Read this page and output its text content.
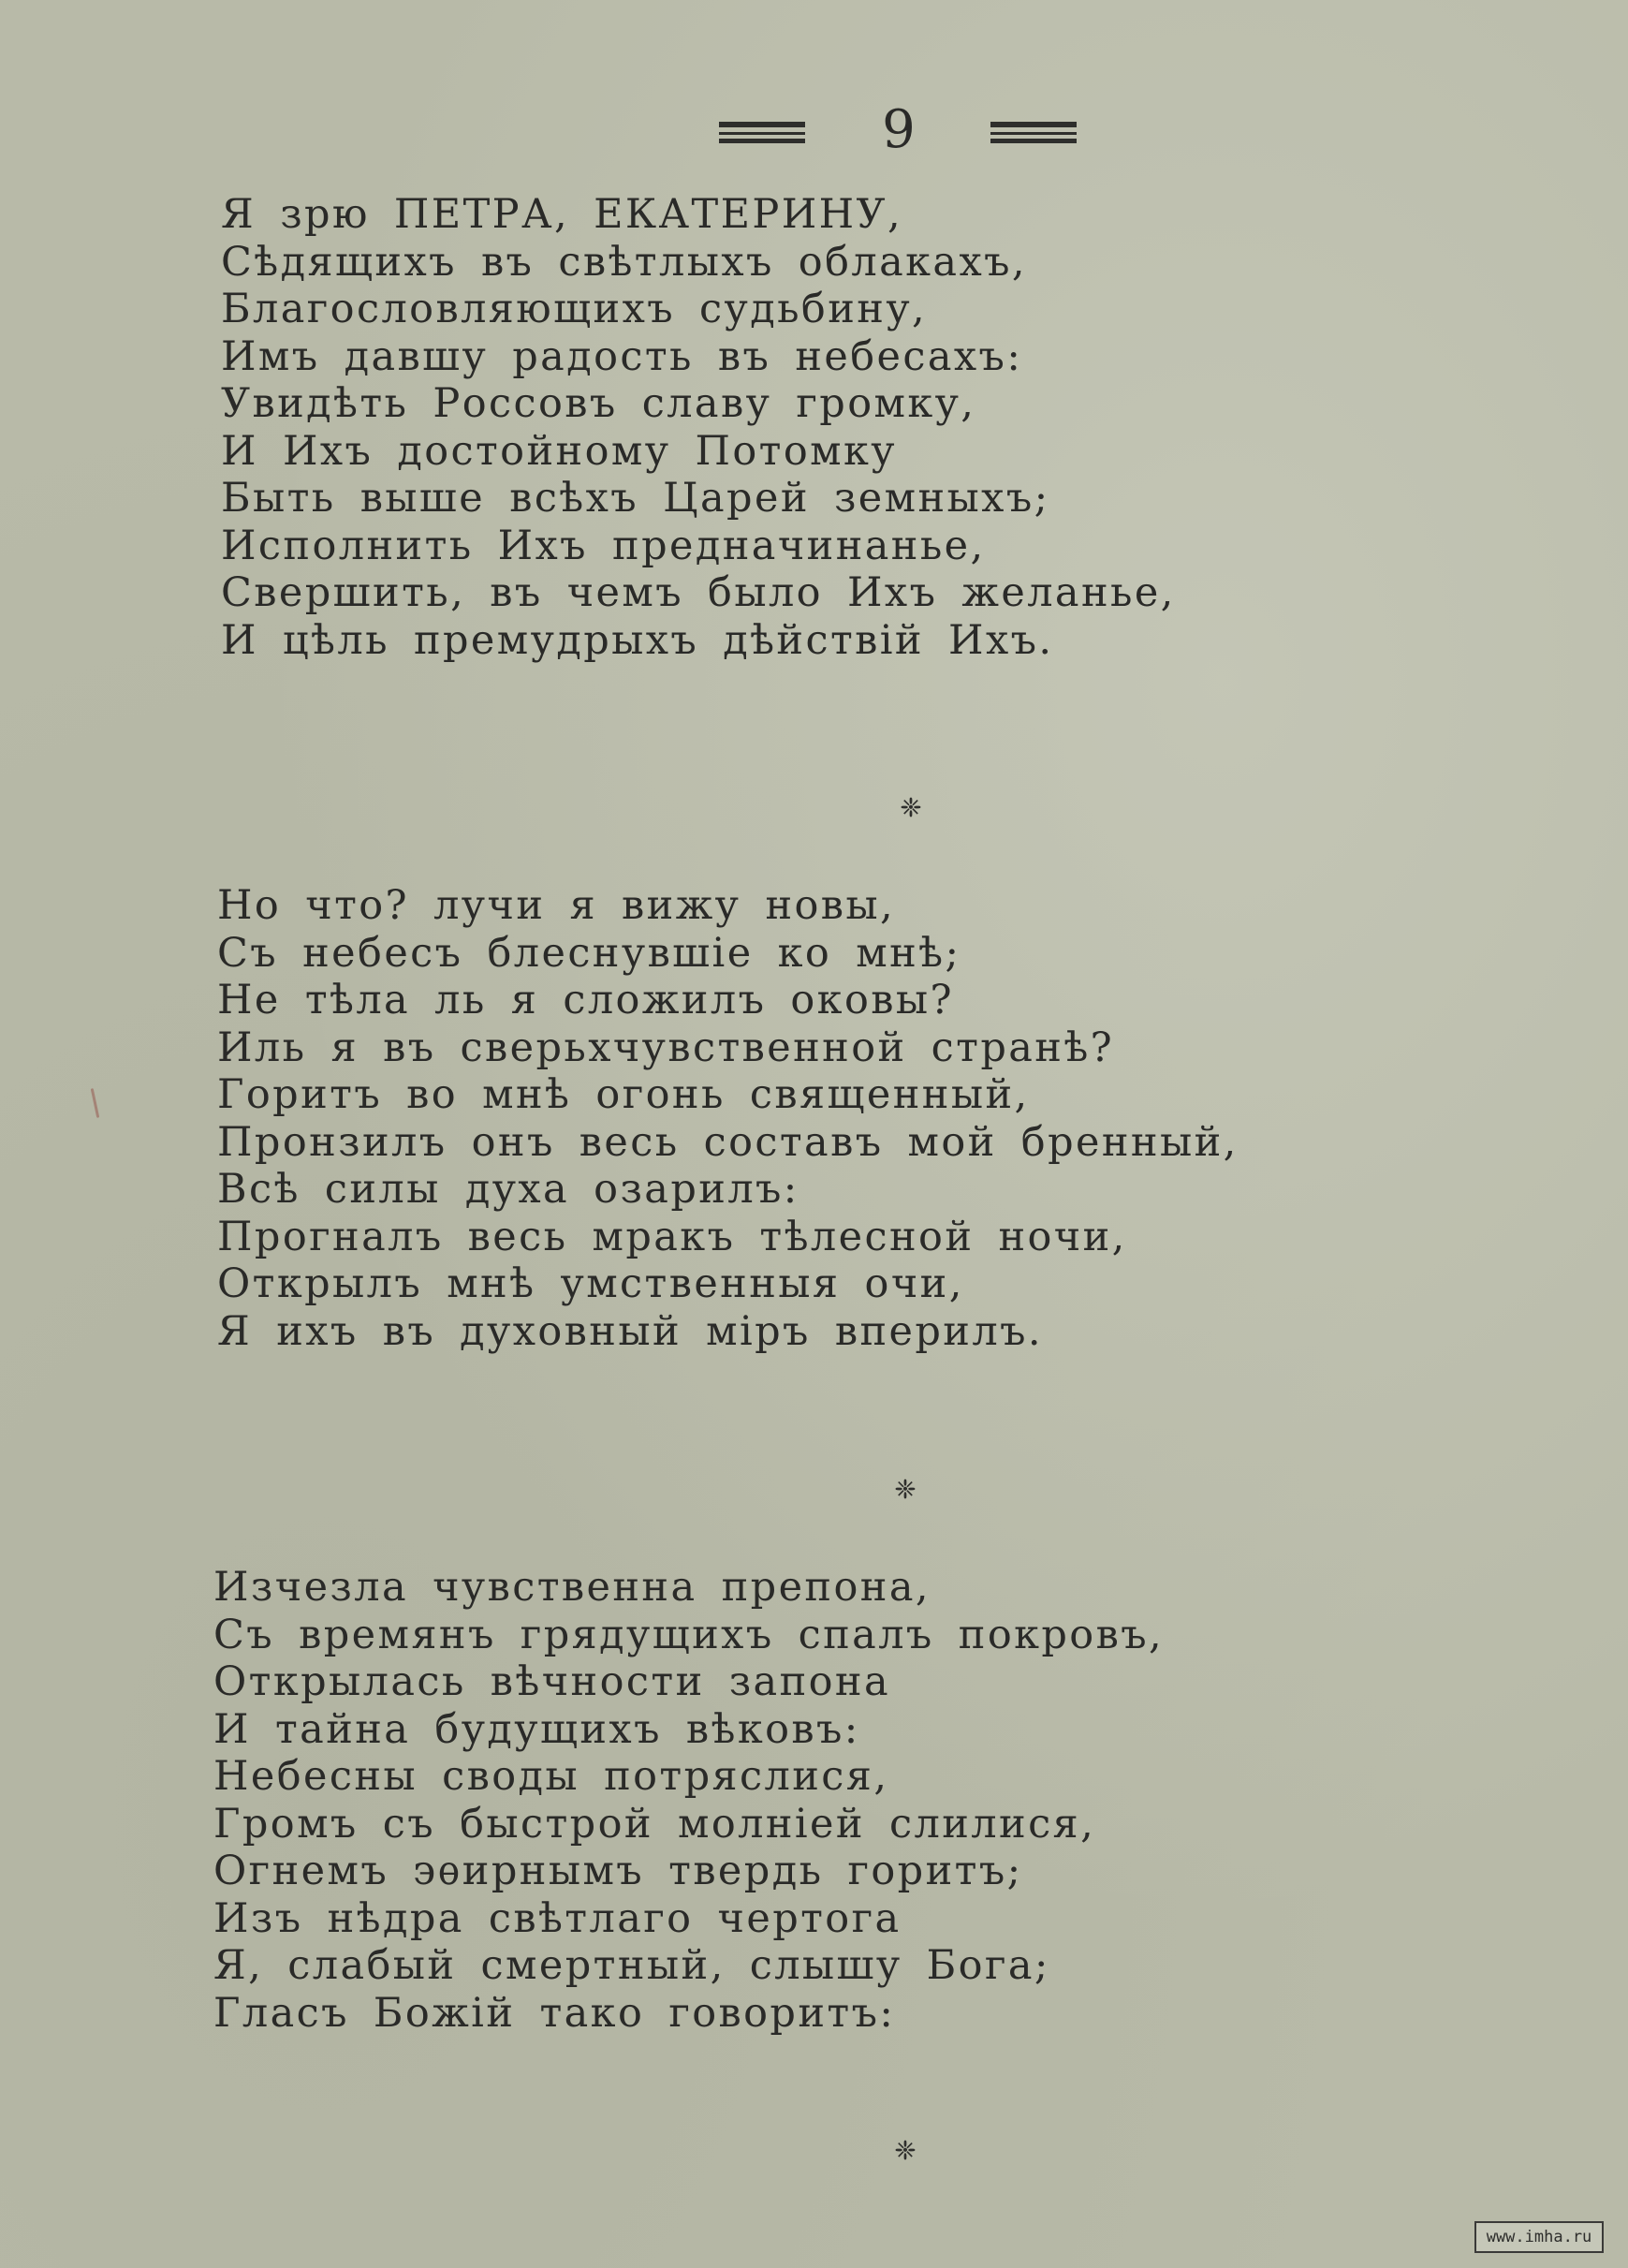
9
Я зрю ПЕТРА, ЕКАТЕРИНУ,
Сѣдящихъ въ свѣтлыхъ облакахъ,
Благословляющихъ судьбину,
Имъ давшу радость въ небесахъ:
Увидѣть Россовъ славу громку,
И Ихъ достойному Потомку
Быть выше всѣхъ Царей земныхъ;
Исполнить Ихъ предначинанье,
Свершить, въ чемъ было Ихъ желанье,
И цѣль премудрыхъ дѣйствій Ихъ.
❈
Но что? лучи я вижу новы,
Съ небесъ блеснувшіе ко мнѣ;
Не тѣла ль я сложилъ оковы?
Иль я въ сверьхчувственной странѣ?
Горитъ во мнѣ огонь священный,
Пронзилъ онъ весь составъ мой бренный,
Всѣ силы духа озарилъ:
Прогналъ весь мракъ тѣлесной ночи,
Открылъ мнѣ умственныя очи,
Я ихъ въ духовный міръ вперилъ.
❈
Изчезла чувственна препона,
Съ времянъ грядущихъ спалъ покровъ,
Открылась вѣчности запона
И тайна будущихъ вѣковъ:
Небесны своды потряслися,
Громъ съ быстрой молніей слилися,
Огнемъ эѳирнымъ твердь горитъ;
Изъ нѣдра свѣтлаго чертога
Я, слабый смертный, слышу Бога;
Гласъ Божій тако говоритъ:
❈
www.imha.ru
